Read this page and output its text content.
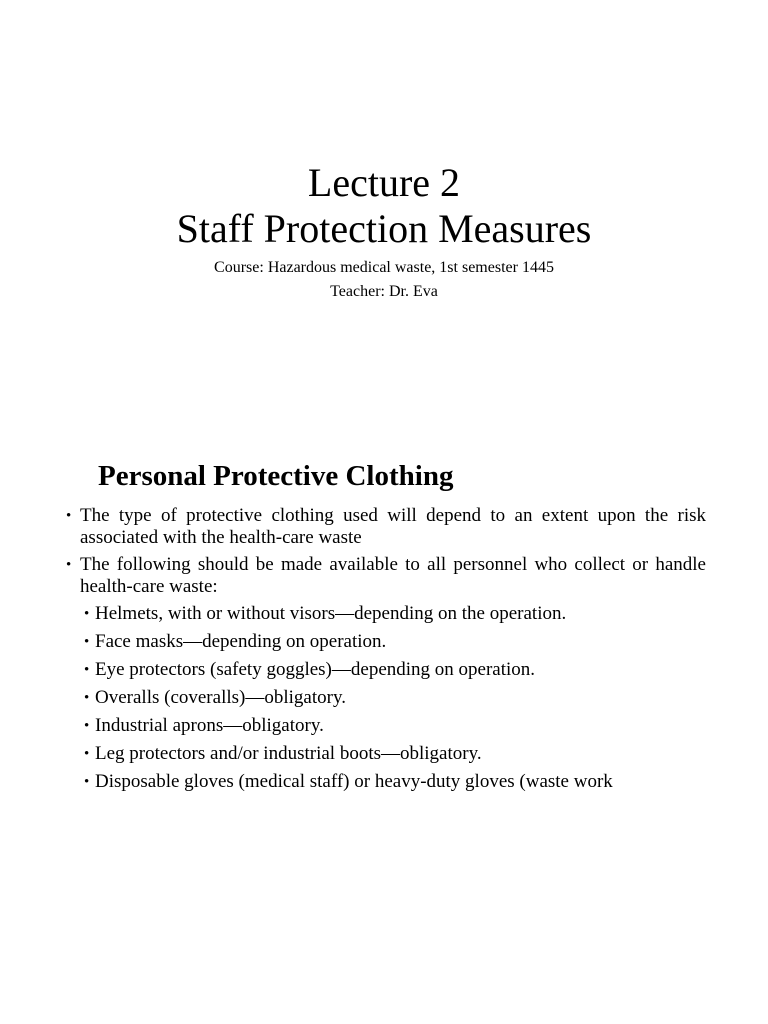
Lecture 2
Staff Protection Measures
Course: Hazardous medical waste, 1st semester 1445
Teacher: Dr. Eva
Personal Protective Clothing
• The type of protective clothing used will depend to an extent upon the risk associated with the health-care waste
• The following should be made available to all personnel who collect or handle health-care waste:
• Helmets, with or without visors—depending on the operation.
• Face masks—depending on operation.
• Eye protectors (safety goggles)—depending on operation.
• Overalls (coveralls)—obligatory.
• Industrial aprons—obligatory.
• Leg protectors and/or industrial boots—obligatory.
• Disposable gloves (medical staff) or heavy-duty gloves (waste work
